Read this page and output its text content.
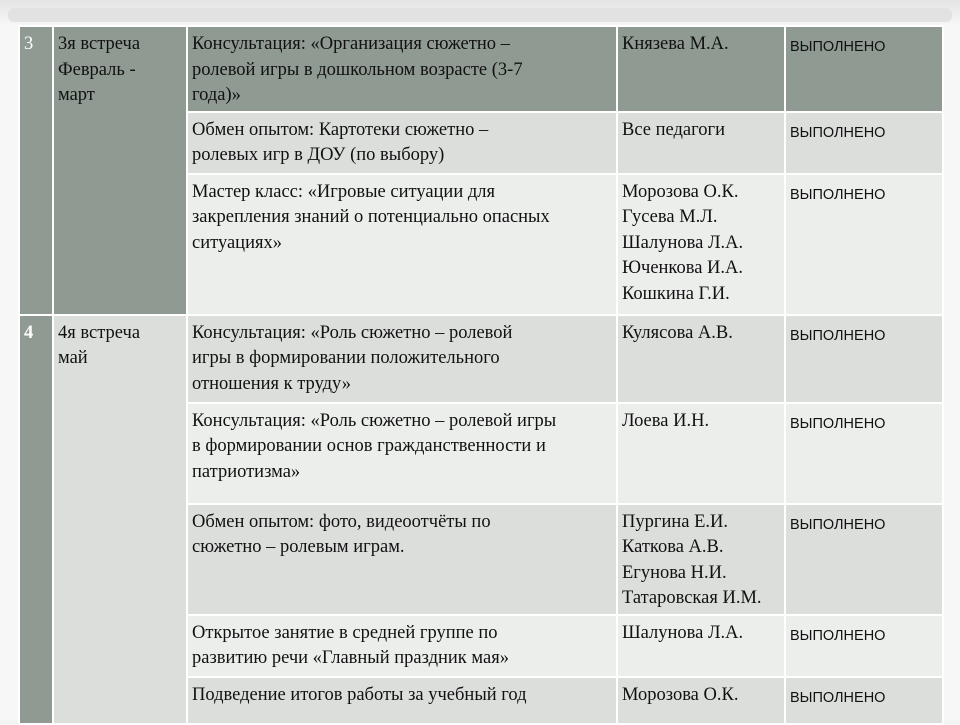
3	3я встреча
Февраль -
март	Консультация: «Организация сюжетно –
ролевой игры в дошкольном возрасте (3-7
года)»	Князева М.А.	ВЫПОЛНЕНО

		Обмен опытом: Картотеки сюжетно –
ролевых игр в ДОУ (по выбору)	Все педагоги	ВЫПОЛНЕНО

		Мастер класс: «Игровые ситуации для
закрепления знаний о потенциально опасных
ситуациях»	Морозова О.К.
Гусева М.Л.
Шалунова Л.А.
Юченкова И.А.
Кошкина Г.И.	ВЫПОЛНЕНО
4	4я встреча
май	Консультация: «Роль сюжетно – ролевой
игры в формировании положительного
отношения к труду»	Кулясова А.В.	ВЫПОЛНЕНО

		Консультация: «Роль сюжетно – ролевой игры
в формировании основ гражданственности и
патриотизма»	Лоева И.Н.	ВЫПОЛНЕНО

		Обмен опытом: фото, видеоотчёты по
сюжетно – ролевым играм.	Пургина Е.И.
Каткова А.В.
Егунова Н.И.
Татаровская И.М.	ВЫПОЛНЕНО

		Открытое занятие в средней группе по
развитию речи «Главный праздник мая»	Шалунова Л.А.	ВЫПОЛНЕНО

		Подведение итогов работы за учебный год	Морозова О.К.	ВЫПОЛНЕНО
